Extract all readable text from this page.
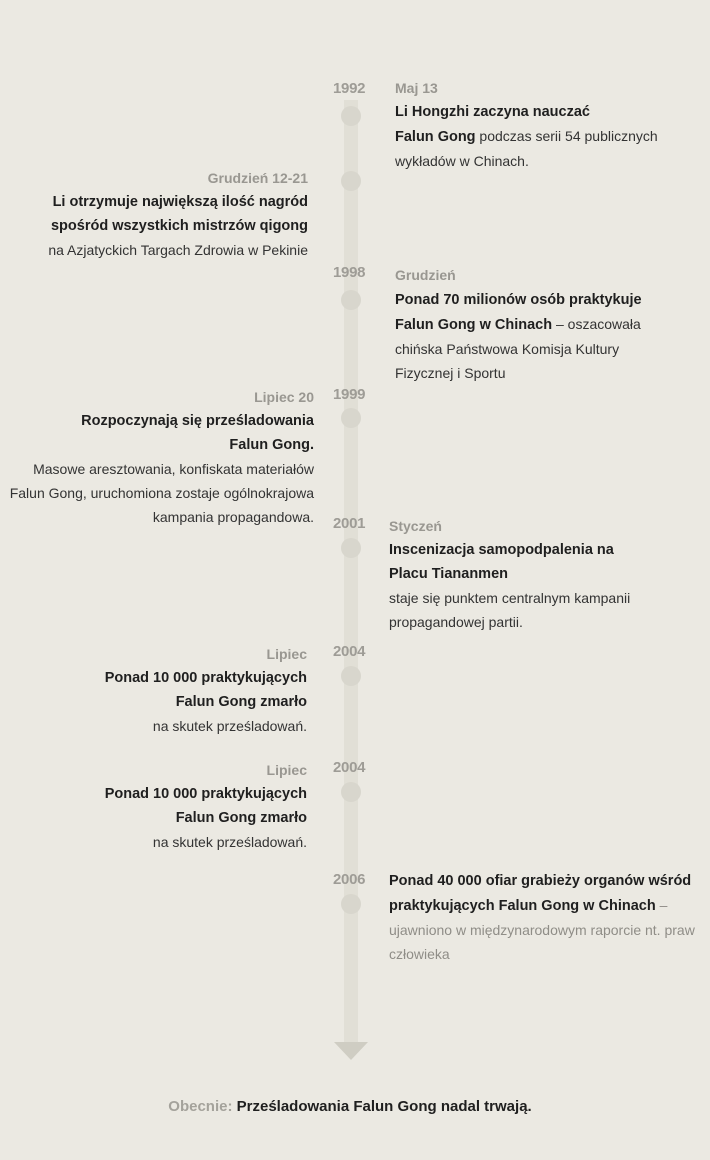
1992
1998
1999
2001
2004
2004
2006
Maj 13
Li Hongzhi zaczyna nauczać
Falun Gong podczas serii 54 publicznych wykładów w Chinach.
Grudzień 12-21
Li otrzymuje największą ilość nagród spośród wszystkich mistrzów qigong
na Azjatyckich Targach Zdrowia w Pekinie
Grudzień
Ponad 70 milionów osób praktykuje Falun Gong w Chinach – oszacowała chińska Państwowa Komisja Kultury Fizycznej i Sportu
Lipiec 20
Rozpoczynają się prześladowania Falun Gong.
Masowe aresztowania, konfiskata materiałów Falun Gong, uruchomiona zostaje ogólnokrajowa kampania propagandowa.
Styczeń
Inscenizacja samopodpalenia na Placu Tiananmen
staje się punktem centralnym kampanii propagandowej partii.
Lipiec
Ponad 10 000 praktykujących Falun Gong zmarło
na skutek prześladowań.
Lipiec
Ponad 10 000 praktykujących Falun Gong zmarło
na skutek prześladowań.
Ponad 40 000 ofiar grabieży organów wśród praktykujących Falun Gong w Chinach – ujawniono w międzynarodowym raporcie nt. praw człowieka
Obecnie: Prześladowania Falun Gong nadal trwają.
